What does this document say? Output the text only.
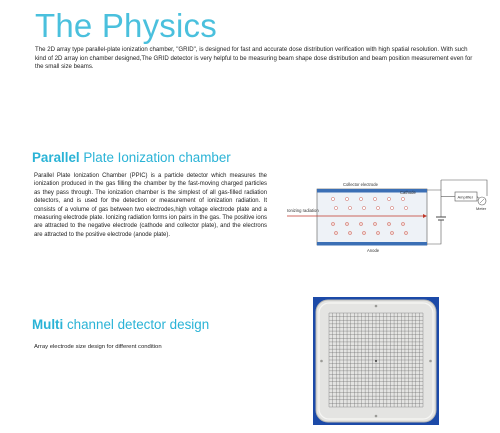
The Physics

The 2D array type parallel-plate ionization chamber, "GRID", is designed for fast and accurate dose distribution verification with high spatial resolution. With such kind of 2D array ion chamber designed,The GRID detector is very helpful to be measuring beam shape dose distribution and beam position measurement even for the small size beams.

Parallel Plate Ionization chamber

Parallel Plate Ionization Chamber (PPIC) is a particle detector which measures the ionization produced in the gas filling the chamber by the fast-moving charged particles as they pass through. The ionization chamber is the simplest of all gas-filled radiation detectors, and is used for the detection or measurement of ionization radiation. It consists of a volume of gas between two electrodes,high voltage electrode plate and a measuring electrode plate. Ionizing radiation forms ion pairs in the gas. The positive ions are attracted to the negative electrode (cathode and collector plate), and the electrons are attracted to the positive electrode (anode plate).

Ionizing radiation
Collector electrode
Cathode
Anode
Amplifier
Meter
Multi channel detector design

Array electrode size design for different condition
